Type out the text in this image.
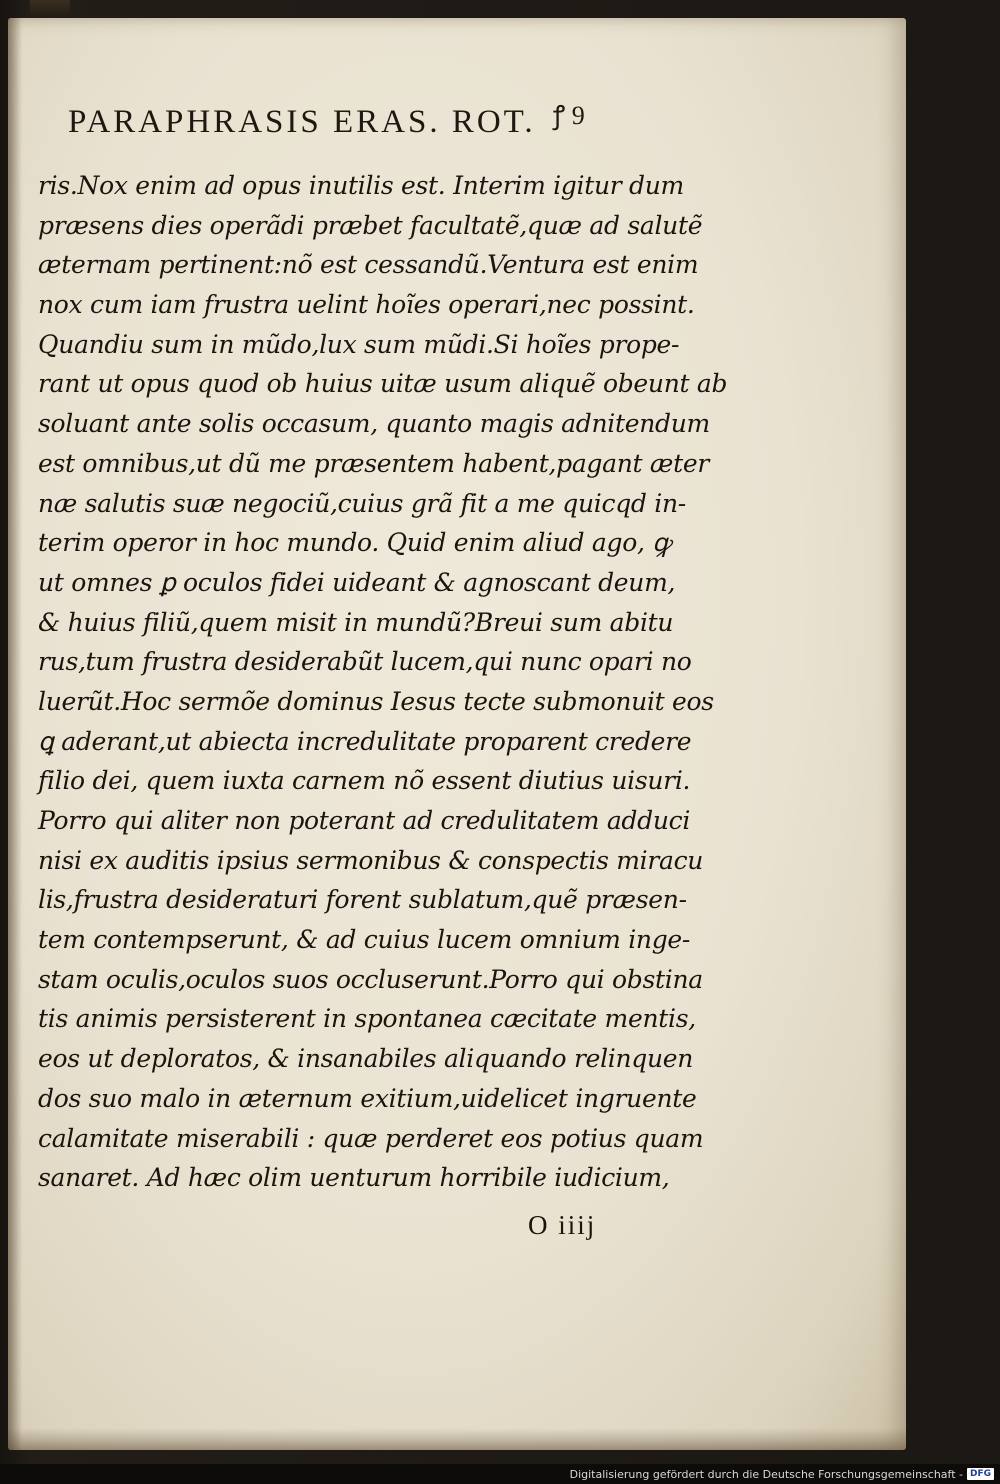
PARAPHRASIS ERAS. ROT. $^{ꝭ 9}$
ris.Nox enim ad opus inutilis est. Interim igitur dum
præsens dies operãdi præbet facultatẽ,quæ ad salutẽ
æternam pertinent:nõ est cessandũ.Ventura est enim
nox cum iam frustra uelint hoĩes operari,nec possint.
Quandiu sum in mũdo,lux sum mũdi.Si hoĩes prope-
rant ut opus quod ob huius uitæ usum aliquẽ obeunt ab
soluant ante solis occasum, quanto magis adnitendum
est omnibus,ut dũ me præsentem habent,pagant æter
næ salutis suæ negociũ,cuius grã fit a me quicqd in-
terim operor in hoc mundo. Quid enim aliud ago, ꝙ
ut omnes ꝑ oculos fidei uideant & agnoscant deum,
& huius filiũ,quem misit in mundũ?Breui sum abitu
rus,tum frustra desiderabũt lucem,qui nunc opari no
luerũt.Hoc sermõe dominus Iesus tecte submonuit eos
ꝗ aderant,ut abiecta incredulitate proparent credere
filio dei, quem iuxta carnem nõ essent diutius uisuri.
Porro qui aliter non poterant ad credulitatem adduci
nisi ex auditis ipsius sermonibus & conspectis miracu
lis,frustra desideraturi forent sublatum,quẽ præsen-
tem contempserunt, & ad cuius lucem omnium inge-
stam oculis,oculos suos occluserunt.Porro qui obstina
tis animis persisterent in spontanea cæcitate mentis,
eos ut deploratos, & insanabiles aliquando relinquen
dos suo malo in æternum exitium,uidelicet ingruente
calamitate miserabili : quæ perderet eos potius quam
sanaret. Ad hæc olim uenturum horribile iudicium,
O iiij
Digitalisierung gefördert durch die Deutsche Forschungsgemeinschaft - DFG
